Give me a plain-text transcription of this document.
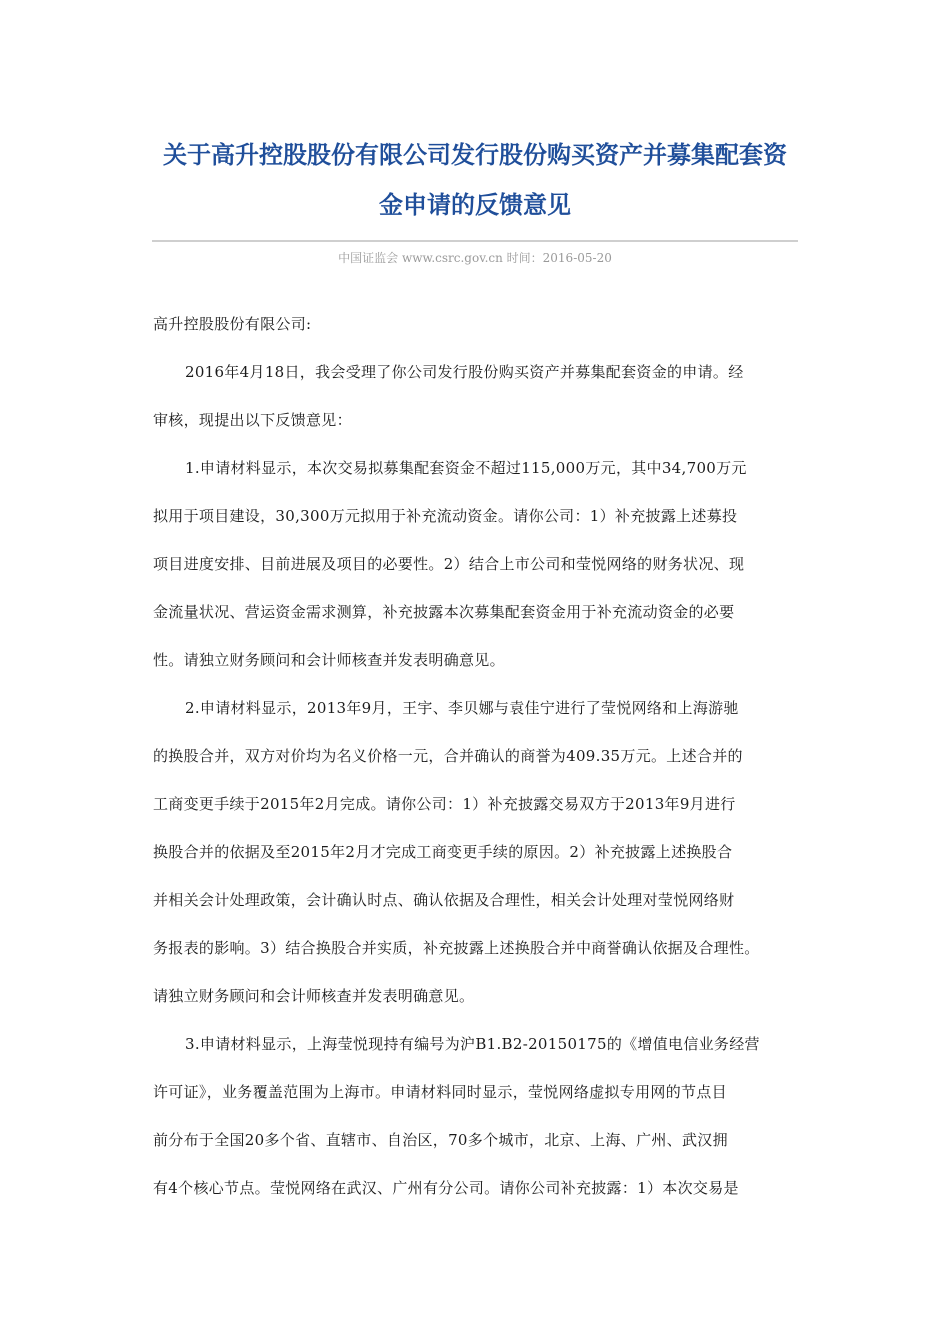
关于高升控股股份有限公司发行股份购买资产并募集配套资
金申请的反馈意见
中国证监会 www.csrc.gov.cn 时间：2016-05-20
高升控股股份有限公司:
2016年4月18日，我会受理了你公司发行股份购买资产并募集配套资金的申请。经
审核，现提出以下反馈意见：
1.申请材料显示，本次交易拟募集配套资金不超过115,000万元，其中34,700万元
拟用于项目建设，30,300万元拟用于补充流动资金。请你公司：1）补充披露上述募投
项目进度安排、目前进展及项目的必要性。2）结合上市公司和莹悦网络的财务状况、现
金流量状况、营运资金需求测算，补充披露本次募集配套资金用于补充流动资金的必要
性。请独立财务顾问和会计师核查并发表明确意见。
2.申请材料显示，2013年9月，王宇、李贝娜与袁佳宁进行了莹悦网络和上海游驰
的换股合并，双方对价均为名义价格一元，合并确认的商誉为409.35万元。上述合并的
工商变更手续于2015年2月完成。请你公司：1）补充披露交易双方于2013年9月进行
换股合并的依据及至2015年2月才完成工商变更手续的原因。2）补充披露上述换股合
并相关会计处理政策，会计确认时点、确认依据及合理性，相关会计处理对莹悦网络财
务报表的影响。3）结合换股合并实质，补充披露上述换股合并中商誉确认依据及合理性。
请独立财务顾问和会计师核查并发表明确意见。
3.申请材料显示，上海莹悦现持有编号为沪B1.B2-20150175的《增值电信业务经营
许可证》，业务覆盖范围为上海市。申请材料同时显示，莹悦网络虚拟专用网的节点目
前分布于全国20多个省、直辖市、自治区，70多个城市，北京、上海、广州、武汉拥
有4个核心节点。莹悦网络在武汉、广州有分公司。请你公司补充披露：1）本次交易是
